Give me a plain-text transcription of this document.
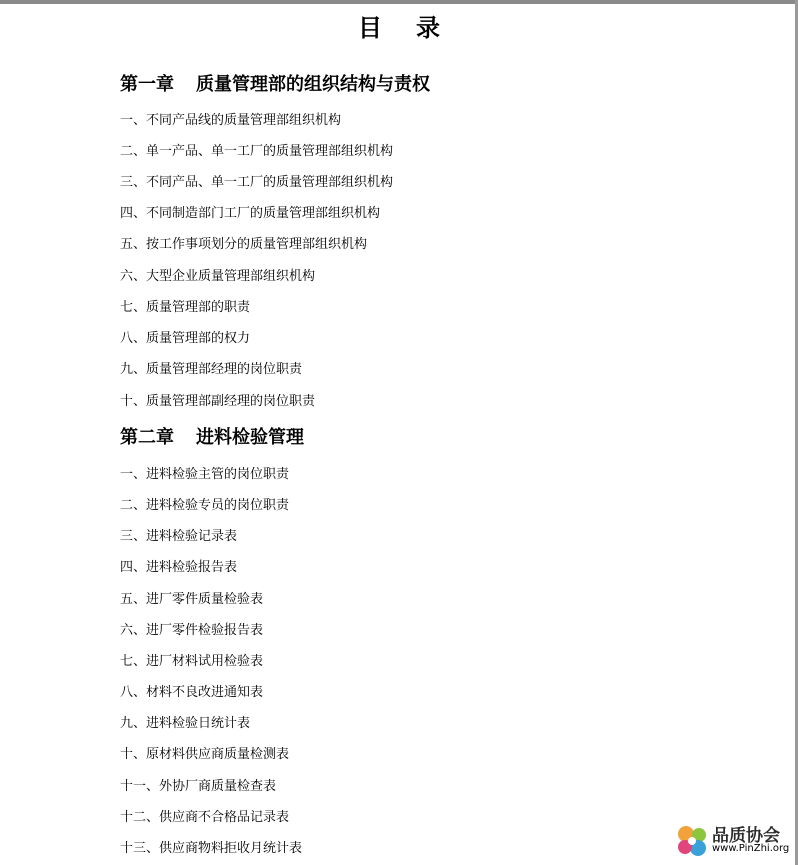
目 录
第一章 质量管理部的组织结构与责权
一、不同产品线的质量管理部组织机构
二、单一产品、单一工厂的质量管理部组织机构
三、不同产品、单一工厂的质量管理部组织机构
四、不同制造部门工厂的质量管理部组织机构
五、按工作事项划分的质量管理部组织机构
六、大型企业质量管理部组织机构
七、质量管理部的职责
八、质量管理部的权力
九、质量管理部经理的岗位职责
十、质量管理部副经理的岗位职责
第二章 进料检验管理
一、进料检验主管的岗位职责
二、进料检验专员的岗位职责
三、进料检验记录表
四、进料检验报告表
五、进厂零件质量检验表
六、进厂零件检验报告表
七、进厂材料试用检验表
八、材料不良改进通知表
九、进料检验日统计表
十、原材料供应商质量检测表
十一、外协厂商质量检查表
十二、供应商不合格品记录表
十三、供应商物料拒收月统计表
品质协会
www.PinZhi.org
